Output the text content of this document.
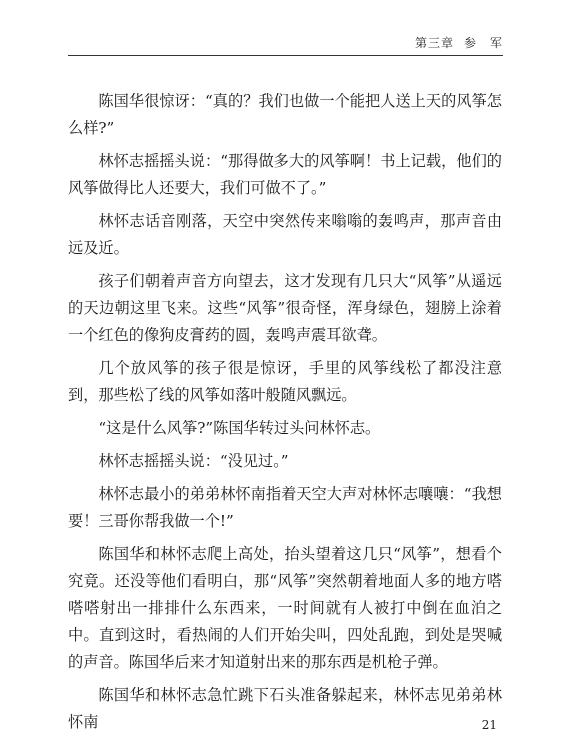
第三章 参　军

陈国华很惊讶：“真的？我们也做一个能把人送上天的风筝怎么样?”

林怀志摇摇头说：“那得做多大的风筝啊！书上记载，他们的风筝做得比人还要大，我们可做不了。”

林怀志话音刚落，天空中突然传来嗡嗡的轰鸣声，那声音由远及近。

孩子们朝着声音方向望去，这才发现有几只大“风筝”从遥远的天边朝这里飞来。这些“风筝”很奇怪，浑身绿色，翅膀上涂着一个红色的像狗皮膏药的圆，轰鸣声震耳欲聋。

几个放风筝的孩子很是惊讶，手里的风筝线松了都没注意到，那些松了线的风筝如落叶般随风飘远。

“这是什么风筝?”陈国华转过头问林怀志。

林怀志摇摇头说：“没见过。”

林怀志最小的弟弟林怀南指着天空大声对林怀志嚷嚷：“我想要！三哥你帮我做一个!”

陈国华和林怀志爬上高处，抬头望着这几只“风筝”，想看个究竟。还没等他们看明白，那“风筝”突然朝着地面人多的地方嗒嗒嗒射出一排排什么东西来，一时间就有人被打中倒在血泊之中。直到这时，看热闹的人们开始尖叫，四处乱跑，到处是哭喊的声音。陈国华后来才知道射出来的那东西是机枪子弹。

陈国华和林怀志急忙跳下石头准备躲起来，林怀志见弟弟林怀南	21
